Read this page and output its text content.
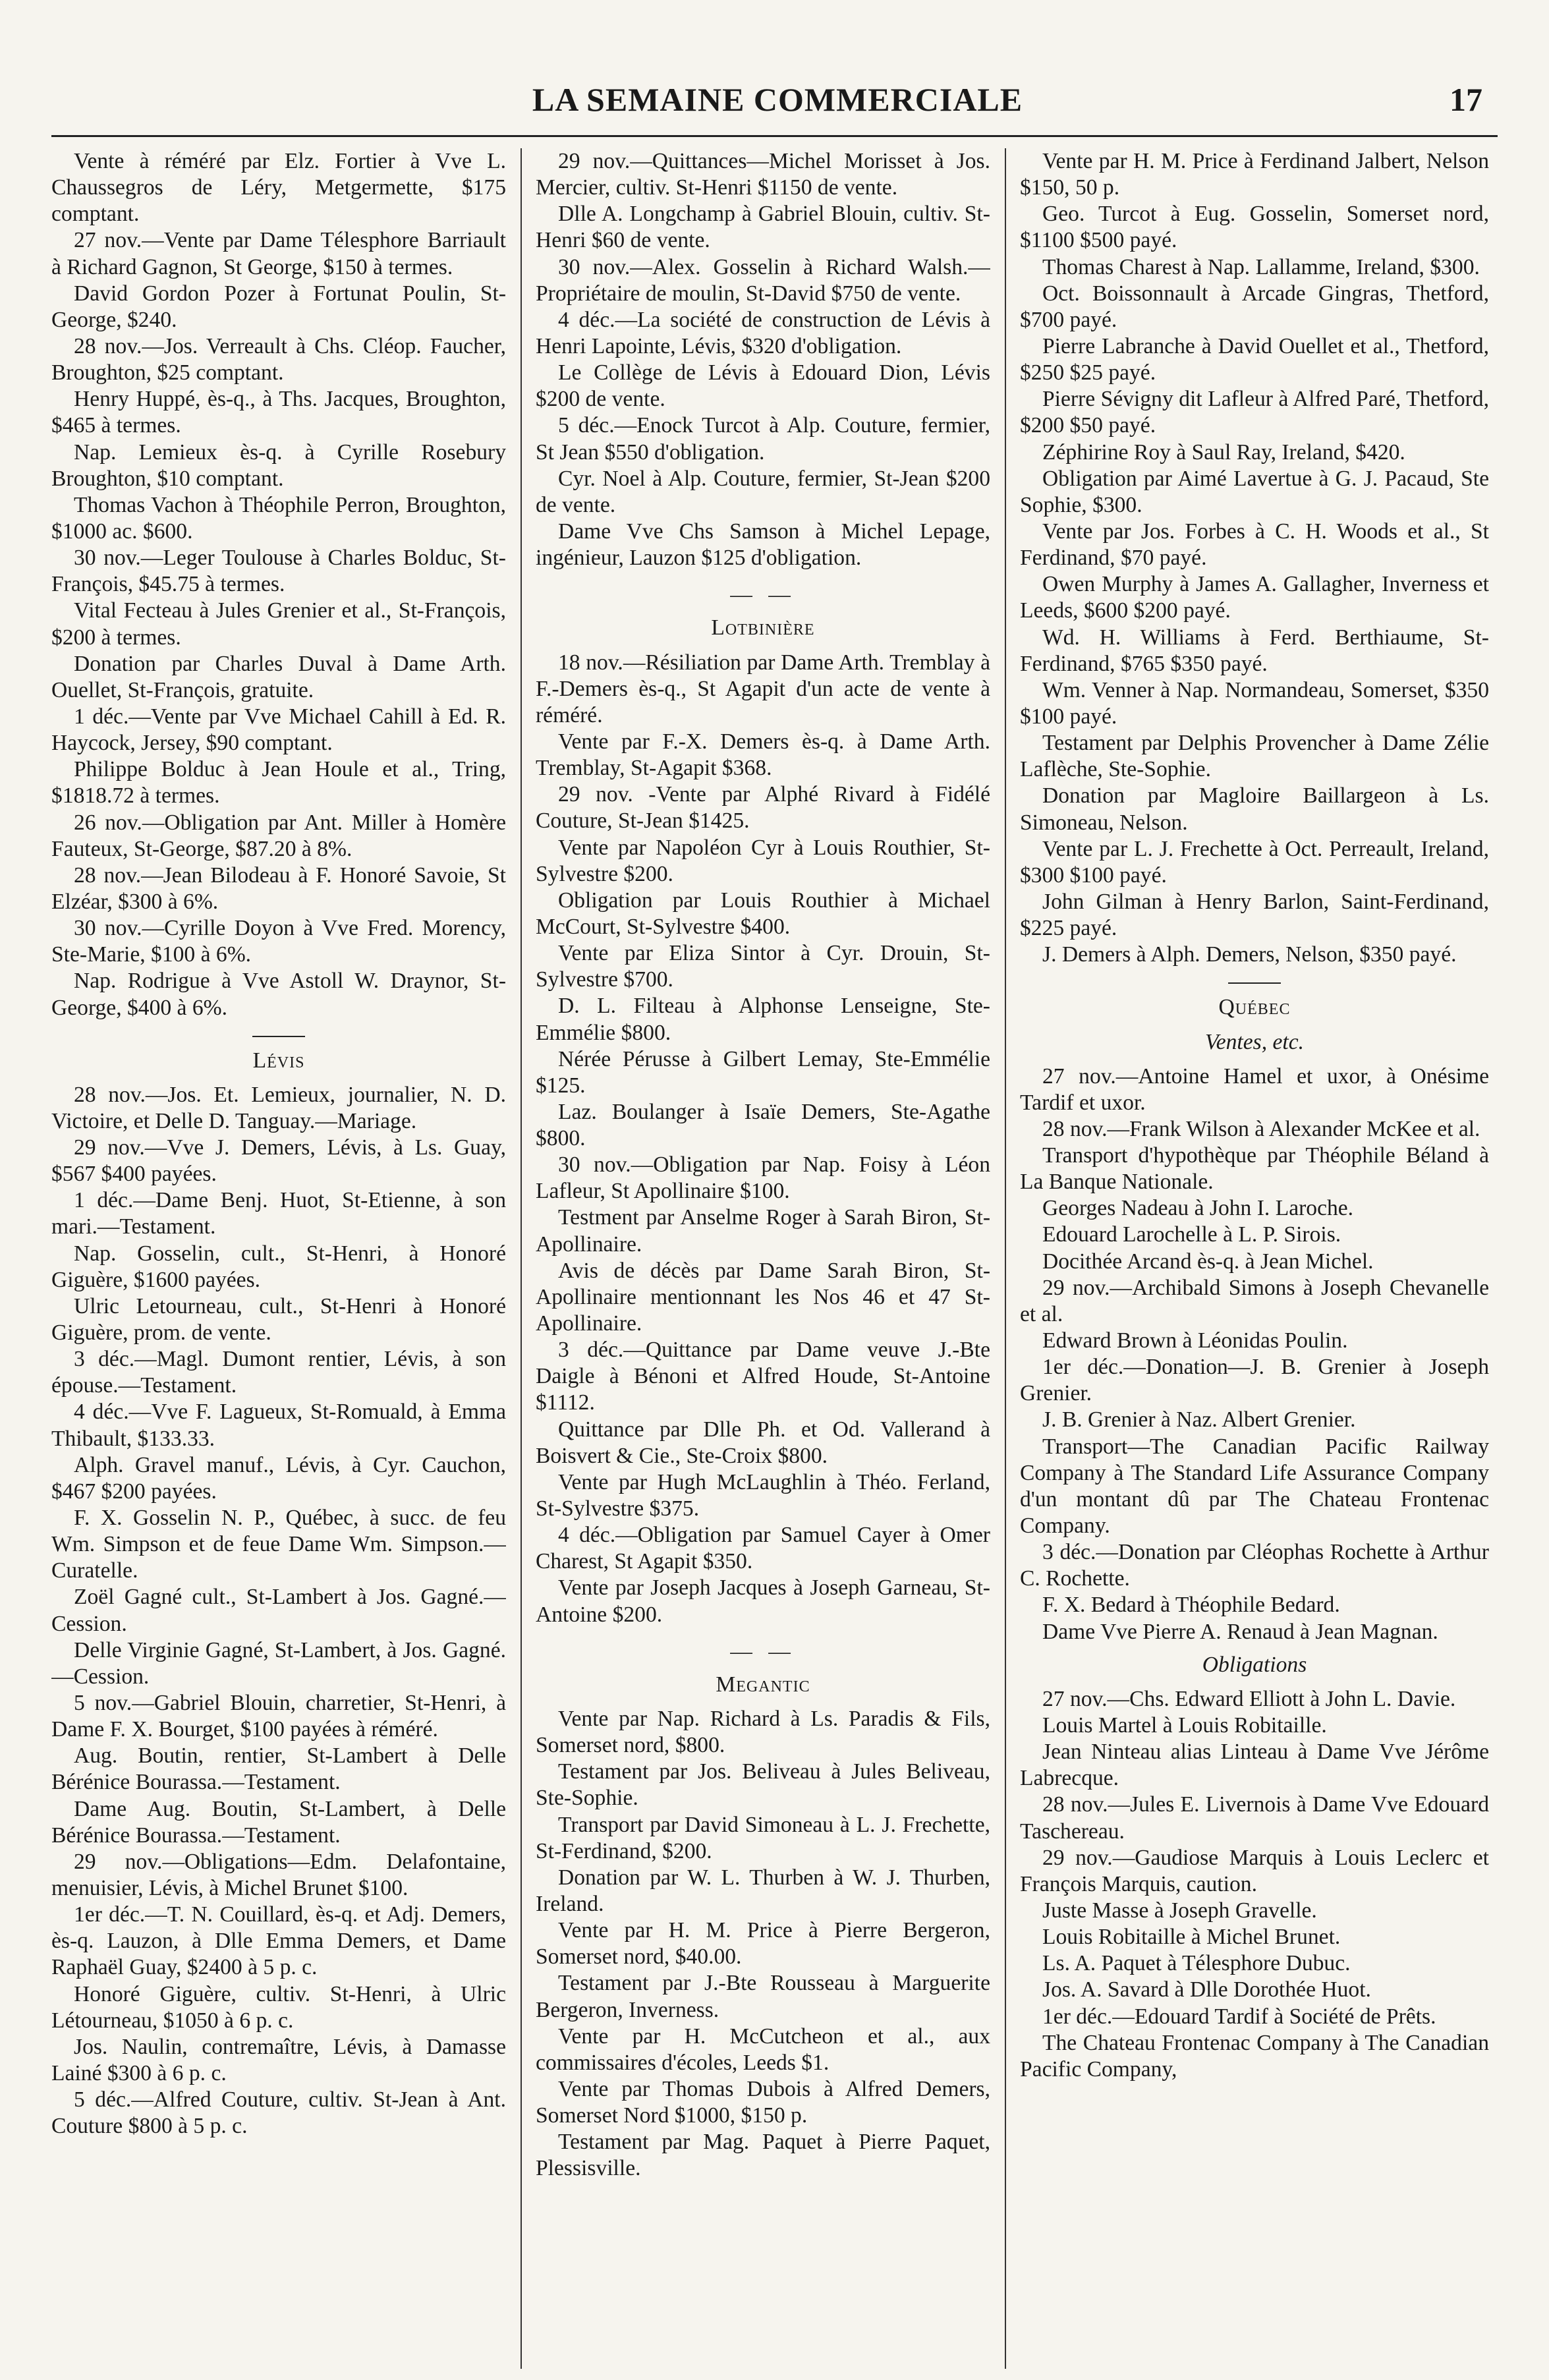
LA SEMAINE COMMERCIALE	17

Vente à réméré par Elz. Fortier à Vve L. Chaussegros de Léry, Metgermette, $175 comptant.

27 nov.—Vente par Dame Télesphore Barriault à Richard Gagnon, St George, $150 à termes.

David Gordon Pozer à Fortunat Poulin, St-George, $240.

28 nov.—Jos. Verreault à Chs. Cléop. Faucher, Broughton, $25 comptant.

Henry Huppé, ès-q., à Ths. Jacques, Broughton, $465 à termes.

Nap. Lemieux ès-q. à Cyrille Rosebury Broughton, $10 comptant.

Thomas Vachon à Théophile Perron, Broughton, $1000 ac. $600.

30 nov.—Leger Toulouse à Charles Bolduc, St-François, $45.75 à termes.

Vital Fecteau à Jules Grenier et al., St-François, $200 à termes.

Donation par Charles Duval à Dame Arth. Ouellet, St-François, gratuite.

1 déc.—Vente par Vve Michael Cahill à Ed. R. Haycock, Jersey, $90 comptant.

Philippe Bolduc à Jean Houle et al., Tring, $1818.72 à termes.

26 nov.—Obligation par Ant. Miller à Homère Fauteux, St-George, $87.20 à 8%.

28 nov.—Jean Bilodeau à F. Honoré Savoie, St Elzéar, $300 à 6%.

30 nov.—Cyrille Doyon à Vve Fred. Morency, Ste-Marie, $100 à 6%.

Nap. Rodrigue à Vve Astoll W. Draynor, St-George, $400 à 6%.

Lévis

28 nov.—Jos. Et. Lemieux, journalier, N. D. Victoire, et Delle D. Tanguay.—Mariage.

29 nov.—Vve J. Demers, Lévis, à Ls. Guay, $567 $400 payées.

1 déc.—Dame Benj. Huot, St-Etienne, à son mari.—Testament.

Nap. Gosselin, cult., St-Henri, à Honoré Giguère, $1600 payées.

Ulric Letourneau, cult., St-Henri à Honoré Giguère, prom. de vente.

3 déc.—Magl. Dumont rentier, Lévis, à son épouse.—Testament.

4 déc.—Vve F. Lagueux, St-Romuald, à Emma Thibault, $133.33.

Alph. Gravel manuf., Lévis, à Cyr. Cauchon, $467 $200 payées.

F. X. Gosselin N. P., Québec, à succ. de feu Wm. Simpson et de feue Dame Wm. Simpson.—Curatelle.

Zoël Gagné cult., St-Lambert à Jos. Gagné.—Cession.

Delle Virginie Gagné, St-Lambert, à Jos. Gagné.—Cession.

5 nov.—Gabriel Blouin, charretier, St-Henri, à Dame F. X. Bourget, $100 payées à réméré.

Aug. Boutin, rentier, St-Lambert à Delle Bérénice Bourassa.—Testament.

Dame Aug. Boutin, St-Lambert, à Delle Bérénice Bourassa.—Testament.

29 nov.—Obligations—Edm. Delafontaine, menuisier, Lévis, à Michel Brunet $100.

1er déc.—T. N. Couillard, ès-q. et Adj. Demers, ès-q. Lauzon, à Dlle Emma Demers, et Dame Raphaël Guay, $2400 à 5 p. c.

Honoré Giguère, cultiv. St-Henri, à Ulric Létourneau, $1050 à 6 p. c.

Jos. Naulin, contremaître, Lévis, à Damasse Lainé $300 à 6 p. c.

5 déc.—Alfred Couture, cultiv. St-Jean à Ant. Couture $800 à 5 p. c.

29 nov.—Quittances—Michel Morisset à Jos. Mercier, cultiv. St-Henri $1150 de vente.

Dlle A. Longchamp à Gabriel Blouin, cultiv. St-Henri $60 de vente.

30 nov.—Alex. Gosselin à Richard Walsh.—Propriétaire de moulin, St-David $750 de vente.

4 déc.—La société de construction de Lévis à Henri Lapointe, Lévis, $320 d'obligation.

Le Collège de Lévis à Edouard Dion, Lévis $200 de vente.

5 déc.—Enock Turcot à Alp. Couture, fermier, St Jean $550 d'obligation.

Cyr. Noel à Alp. Couture, fermier, St-Jean $200 de vente.

Dame Vve Chs Samson à Michel Lepage, ingénieur, Lauzon $125 d'obligation.

— —
Lotbinière

18 nov.—Résiliation par Dame Arth. Tremblay à F.-Demers ès-q., St Agapit d'un acte de vente à réméré.

Vente par F.-X. Demers ès-q. à Dame Arth. Tremblay, St-Agapit $368.

29 nov. -Vente par Alphé Rivard à Fidélé Couture, St-Jean $1425.

Vente par Napoléon Cyr à Louis Routhier, St-Sylvestre $200.

Obligation par Louis Routhier à Michael McCourt, St-Sylvestre $400.

Vente par Eliza Sintor à Cyr. Drouin, St-Sylvestre $700.

D. L. Filteau à Alphonse Lenseigne, Ste-Emmélie $800.

Nérée Pérusse à Gilbert Lemay, Ste-Emmélie $125.

Laz. Boulanger à Isaïe Demers, Ste-Agathe $800.

30 nov.—Obligation par Nap. Foisy à Léon Lafleur, St Apollinaire $100.

Testment par Anselme Roger à Sarah Biron, St-Apollinaire.

Avis de décès par Dame Sarah Biron, St-Apollinaire mentionnant les Nos 46 et 47 St-Apollinaire.

3 déc.—Quittance par Dame veuve J.-Bte Daigle à Bénoni et Alfred Houde, St-Antoine $1112.

Quittance par Dlle Ph. et Od. Vallerand à Boisvert & Cie., Ste-Croix $800.

Vente par Hugh McLaughlin à Théo. Ferland, St-Sylvestre $375.

4 déc.—Obligation par Samuel Cayer à Omer Charest, St Agapit $350.

Vente par Joseph Jacques à Joseph Garneau, St-Antoine $200.

— —
Megantic

Vente par Nap. Richard à Ls. Paradis & Fils, Somerset nord, $800.

Testament par Jos. Beliveau à Jules Beliveau, Ste-Sophie.

Transport par David Simoneau à L. J. Frechette, St-Ferdinand, $200.

Donation par W. L. Thurben à W. J. Thurben, Ireland.

Vente par H. M. Price à Pierre Bergeron, Somerset nord, $40.00.

Testament par J.-Bte Rousseau à Marguerite Bergeron, Inverness.

Vente par H. McCutcheon et al., aux commissaires d'écoles, Leeds $1.

Vente par Thomas Dubois à Alfred Demers, Somerset Nord $1000, $150 p.

Testament par Mag. Paquet à Pierre Paquet, Plessisville.

Vente par H. M. Price à Ferdinand Jalbert, Nelson $150, 50 p.

Geo. Turcot à Eug. Gosselin, Somerset nord, $1100 $500 payé.

Thomas Charest à Nap. Lallamme, Ireland, $300.

Oct. Boissonnault à Arcade Gingras, Thetford, $700 payé.

Pierre Labranche à David Ouellet et al., Thetford, $250 $25 payé.

Pierre Sévigny dit Lafleur à Alfred Paré, Thetford, $200 $50 payé.

Zéphirine Roy à Saul Ray, Ireland, $420.

Obligation par Aimé Lavertue à G. J. Pacaud, Ste Sophie, $300.

Vente par Jos. Forbes à C. H. Woods et al., St Ferdinand, $70 payé.

Owen Murphy à James A. Gallagher, Inverness et Leeds, $600 $200 payé.

Wd. H. Williams à Ferd. Berthiaume, St-Ferdinand, $765 $350 payé.

Wm. Venner à Nap. Normandeau, Somerset, $350 $100 payé.

Testament par Delphis Provencher à Dame Zélie Laflèche, Ste-Sophie.

Donation par Magloire Baillargeon à Ls. Simoneau, Nelson.

Vente par L. J. Frechette à Oct. Perreault, Ireland, $300 $100 payé.

John Gilman à Henry Barlon, Saint-Ferdinand, $225 payé.

J. Demers à Alph. Demers, Nelson, $350 payé.

Québec
Ventes, etc.

27 nov.—Antoine Hamel et uxor, à Onésime Tardif et uxor.

28 nov.—Frank Wilson à Alexander McKee et al.

Transport d'hypothèque par Théophile Béland à La Banque Nationale.

Georges Nadeau à John I. Laroche.

Edouard Larochelle à L. P. Sirois.

Docithée Arcand ès-q. à Jean Michel.

29 nov.—Archibald Simons à Joseph Chevanelle et al.

Edward Brown à Léonidas Poulin.

1er déc.—Donation—J. B. Grenier à Joseph Grenier.

J. B. Grenier à Naz. Albert Grenier.

Transport—The Canadian Pacific Railway Company à The Standard Life Assurance Company d'un montant dû par The Chateau Frontenac Company.

3 déc.—Donation par Cléophas Rochette à Arthur C. Rochette.

F. X. Bedard à Théophile Bedard.

Dame Vve Pierre A. Renaud à Jean Magnan.

Obligations

27 nov.—Chs. Edward Elliott à John L. Davie.

Louis Martel à Louis Robitaille.

Jean Ninteau alias Linteau à Dame Vve Jérôme Labrecque.

28 nov.—Jules E. Livernois à Dame Vve Edouard Taschereau.

29 nov.—Gaudiose Marquis à Louis Leclerc et François Marquis, caution.

Juste Masse à Joseph Gravelle.

Louis Robitaille à Michel Brunet.

Ls. A. Paquet à Télesphore Dubuc.

Jos. A. Savard à Dlle Dorothée Huot.

1er déc.—Edouard Tardif à Société de Prêts.

The Chateau Frontenac Company à The Canadian Pacific Company,
